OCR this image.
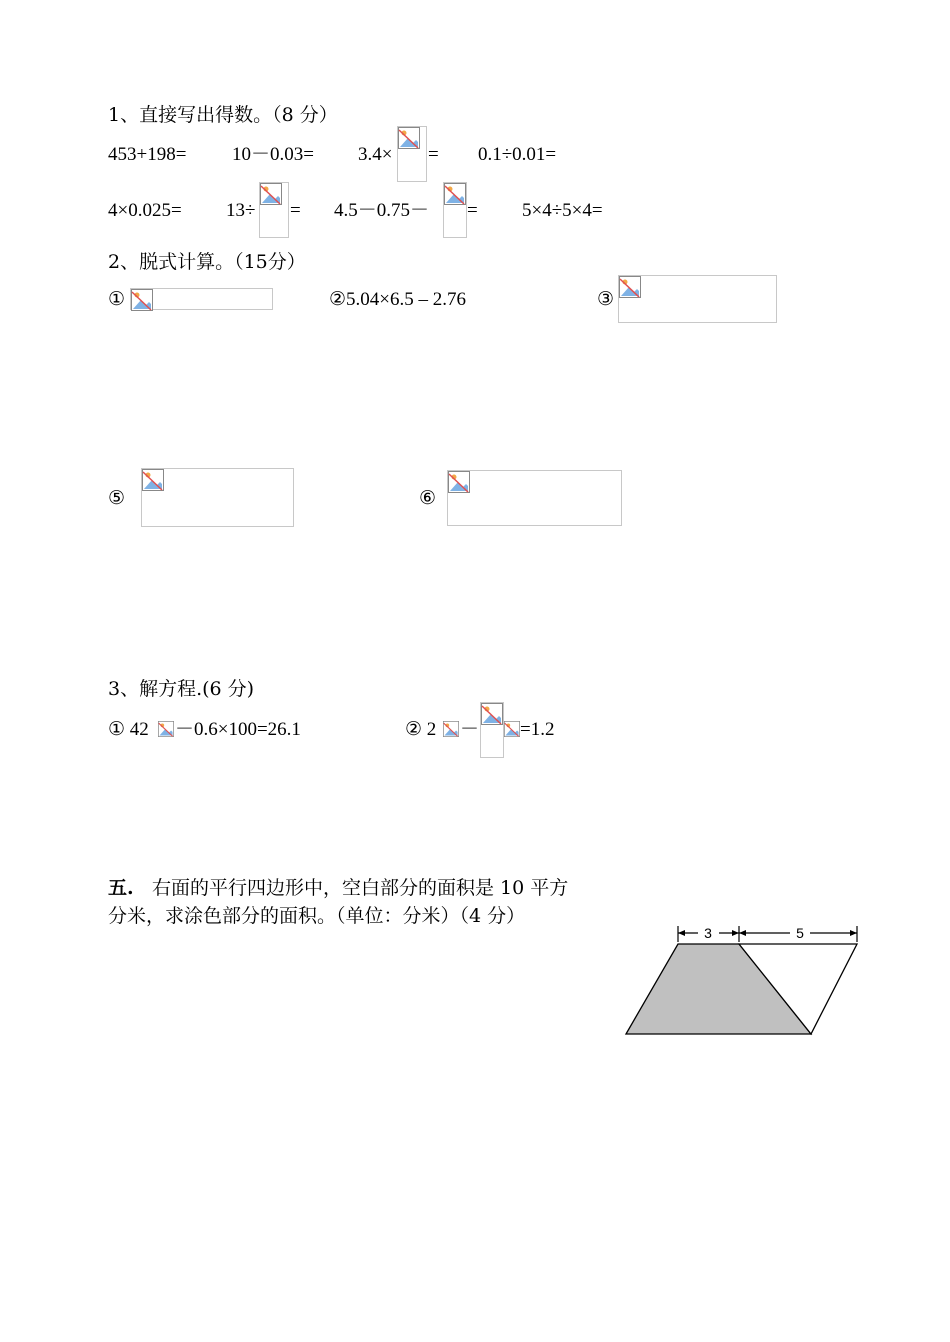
1、直接写出得数。（8 分）
453+198= 10－0.03= 3.4× = 0.1÷0.01=
4×0.025= 13÷ = 4.5－0.75－ = 5×4÷5×4=
2、脱式计算。（15分）
①	②5.04×6.5 – 2.76	③
⑤	⑥
3、解方程.(6 分)
① 42 －0.6×100=26.1	② 2 － =1.2
五. 右面的平行四边形中，空白部分的面积是 10 平方
分米，求涂色部分的面积。（单位：分米）（4 分）
3	5
